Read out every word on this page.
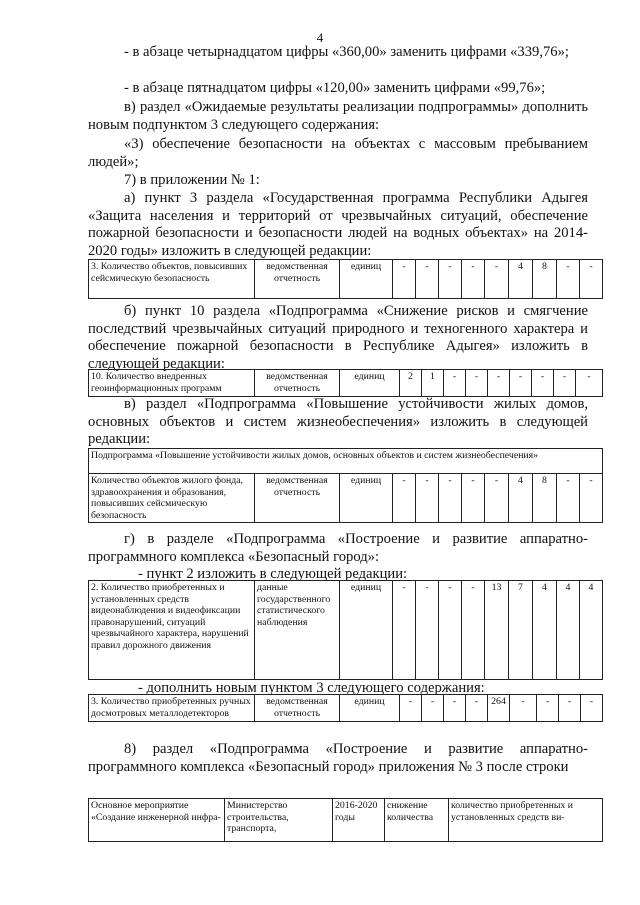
4

- в абзаце четырнадцатом цифры «360,00» заменить цифрами «339,76»;

- в абзаце пятнадцатом цифры «120,00» заменить цифрами «99,76»;

в) раздел «Ожидаемые результаты реализации подпрограммы» дополнить новым подпунктом 3 следующего содержания:

«3) обеспечение безопасности на объектах с массовым пребыванием людей»;

7) в приложении № 1:

а) пункт 3 раздела «Государственная программа Республики Адыгея «Защита населения и территорий от чрезвычайных ситуаций, обеспечение пожарной безопасности и безопасности людей на водных объектах» на 2014-2020 годы» изложить в следующей редакции:

3. Количество объектов, повысивших сейсмическую безопасность	ведомственная отчетность	единиц	-	-	-	-	-	4	8	-	-

б) пункт 10 раздела «Подпрограмма «Снижение рисков и смягчение последствий чрезвычайных ситуаций природного и техногенного характера и обеспечение пожарной безопасности в Республике Адыгея» изложить в следующей редакции:

10. Количество внедренных геоинформационных программ	ведомственная отчетность	единиц	2	1	-	-	-	-	-	-	-

в) раздел «Подпрограмма «Повышение устойчивости жилых домов, основных объектов и систем жизнеобеспечения» изложить в следующей редакции:

Подпрограмма «Повышение устойчивости жилых домов, основных объектов и систем жизнеобеспечения»
Количество объектов жилого фонда, здравоохранения и образования, повысивших сейсмическую безопасность	ведомственная отчетность	единиц	-	-	-	-	-	4	8	-	-

г) в разделе «Подпрограмма «Построение и развитие аппаратно-программного комплекса «Безопасный город»:

- пункт 2 изложить в следующей редакции:

2. Количество приобретенных и установленных средств видеонаблюдения и видеофиксации правонарушений, ситуаций чрезвычайного характера, нарушений правил дорожного движения	данные государственного статистического наблюдения	единиц	-	-	-	-	13	7	4	4	4

- дополнить новым пунктом 3 следующего содержания:

3. Количество приобретенных ручных досмотровых металлодетекторов	ведомственная отчетность	единиц	-	-	-	-	264	-	-	-	-

8) раздел «Подпрограмма «Построение и развитие аппаратно-программного комплекса «Безопасный город» приложения № 3 после строки

Основное мероприятие «Создание инженерной инфра-	Министерство строительства, транспорта,	2016-2020 годы	снижение количества	количество приобретенных и установленных средств ви-
